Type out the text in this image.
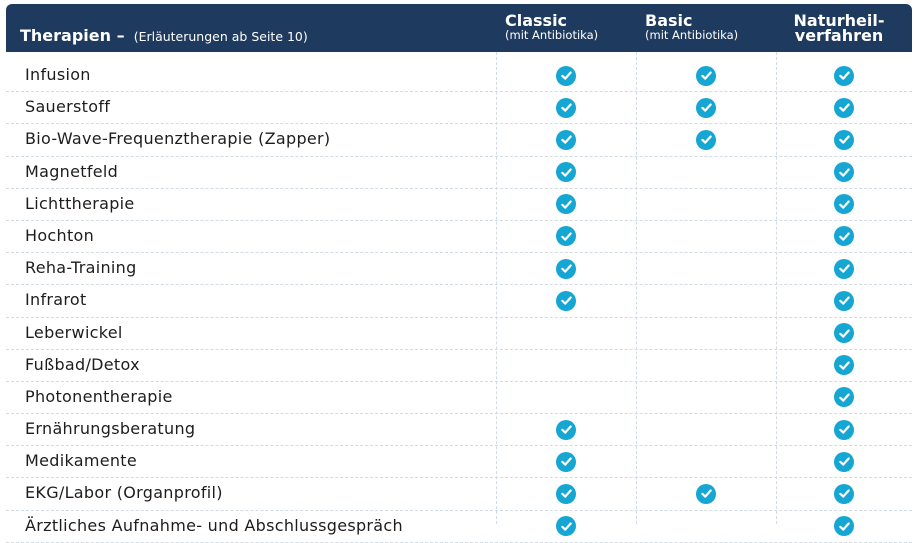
Therapien – (Erläuterungen ab Seite 10)
Classic
(mit Antibiotika)
Basic
(mit Antibiotika)
Naturheil-
verfahren
Infusion
Sauerstoff
Bio-Wave-Frequenztherapie (Zapper)
Magnetfeld
Lichttherapie
Hochton
Reha-Training
Infrarot
Leberwickel
Fußbad/Detox
Photonentherapie
Ernährungsberatung
Medikamente
EKG/Labor (Organprofil)
Ärztliches Aufnahme- und Abschlussgespräch
